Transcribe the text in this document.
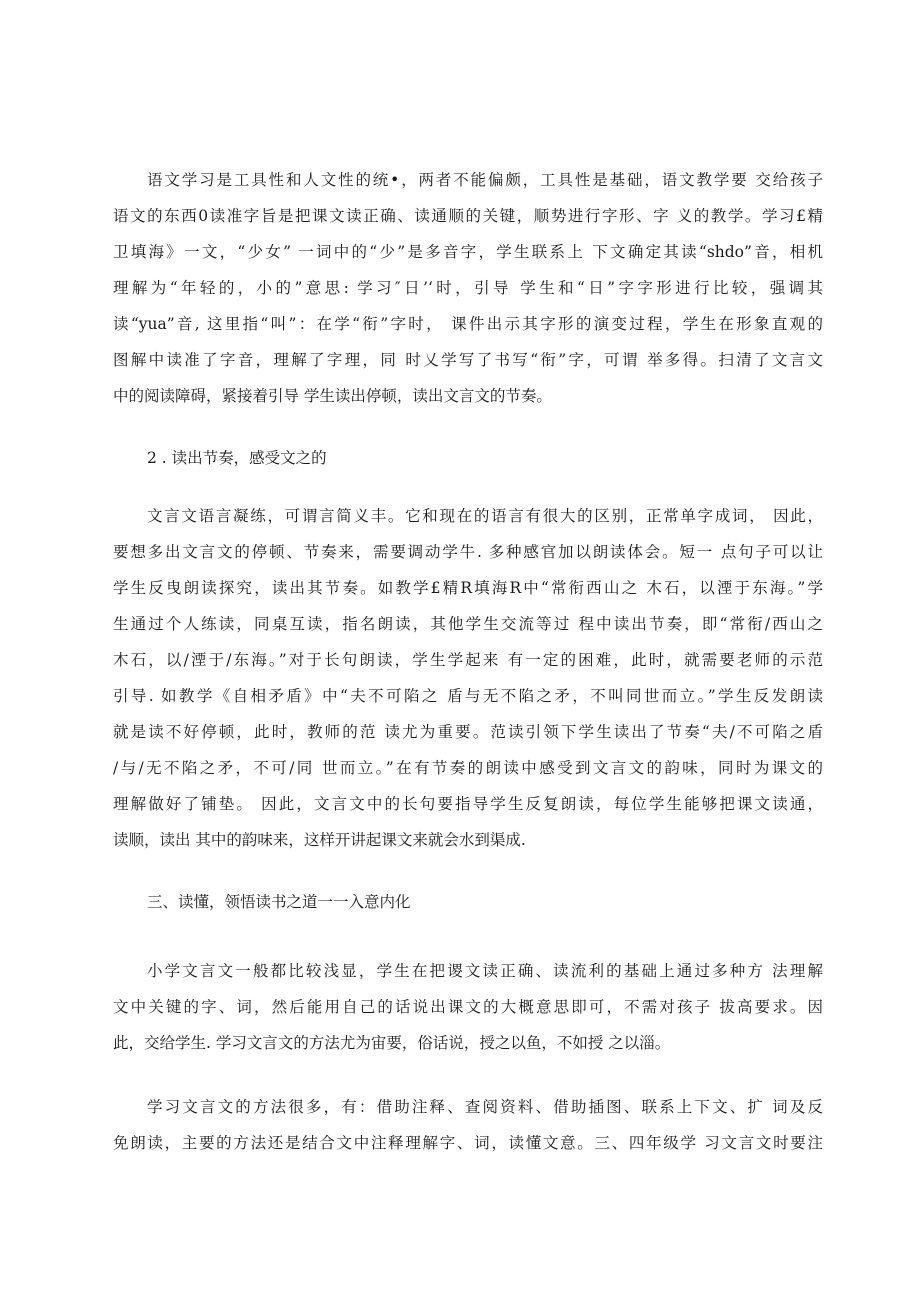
语文学习是工具性和人文性的统•，两者不能偏颇，工具性是基础，语文教学要 交给孩子
语文的东西0读准字旨是把课文读正确、读通顺的关键，顺势进行字形、字 义的教学。学习£精
卫填海》一文，“少女” 一词中的“少”是多音字，学生联系上 下文确定其读“shdo”音，相机
理解为“年轻的，小的”意思: 学习″日’‘时，引导 学生和“日”字字形进行比较，强调其
读“yua”音, 这里指“叫”：在学“衔”字时， 课件出示其字形的演变过程，学生在形象直观的
图解中读准了字音，理解了字理，同 时乂学写了书写“衔”字，可谓 举多得。扫清了文言文
中的阅读障碍，紧接着引导 学生读出停顿，读出文言文的节奏。
2 . 读出节奏，感受文之的
文言文语言凝练，可谓言简义丰。它和现在的语言有很大的区别，正常单字成词， 因此，
要想多出文言文的停顿、节奏来，需要调动学牛. 多种感官加以朗读体会。短一 点句子可以让
学生反曳朗读探究，读出其节奏。如教学£精R填海R中“常衔西山之 木石，以湮于东海。”学
生通过个人练读，同桌互读，指名朗读，其他学生交流等过 程中读出节奏，即“常衔/西山之
木石，以/湮于/东海。”对于长句朗读，学生学起来 有一定的困难，此时，就需要老师的示范
引导. 如教学《自相矛盾》中“夫不可陷之 盾与无不陷之矛，不叫同世而立。”学生反发朗读
就是读不好停顿，此时，教师的范 读尤为重要。范读引领下学生读出了节奏“夫/不可陷之盾
/与/无不陷之矛，不可/同 世而立。”在有节奏的朗读中感受到文言文的韵味，同时为课文的
理解做好了铺垫。 因此，文言文中的长句要指导学生反复朗读，每位学生能够把课文读通，
读顺，读出 其中的韵味来，这样开讲起课文来就会水到渠成.
三、读懂，领悟读书之道一一入意内化
小学文言文一般都比较浅显，学生在把谡文读正确、读流利的基础上通过多种方 法理解
文中关键的字、词，然后能用自己的话说出课文的大概意思即可，不需对孩子 拔高要求。因
此，交给学生. 学习文言文的方法尤为宙要，俗话说，授之以鱼，不如授 之以淄。
学习文言文的方法很多，有：借助注释、查阅资料、借助插图、联系上下文、扩 词及反
免朗读，主要的方法还是结合文中注释理解字、词，读懂文意。三、四年级学 习文言文时要注
